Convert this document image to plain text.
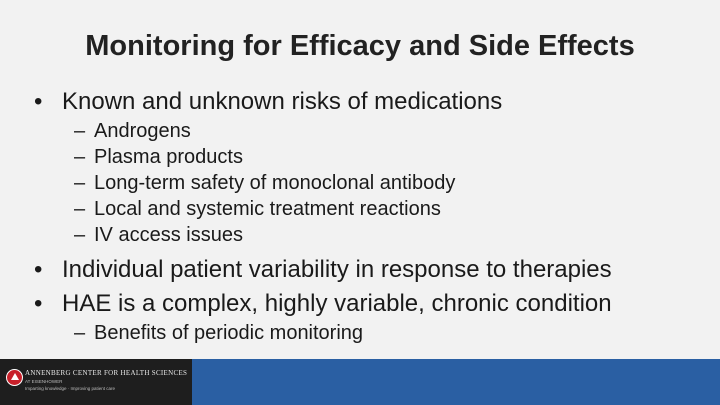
Monitoring for Efficacy and Side Effects
• Known and unknown risks of medications
– Androgens
– Plasma products
– Long-term safety of monoclonal antibody
– Local and systemic treatment reactions
– IV access issues
• Individual patient variability in response to therapies
• HAE is a complex, highly variable, chronic condition
– Benefits of periodic monitoring
ANNENBERG CENTER FOR HEALTH SCIENCES
AT EISENHOWER
Imparting knowledge · Improving patient care
